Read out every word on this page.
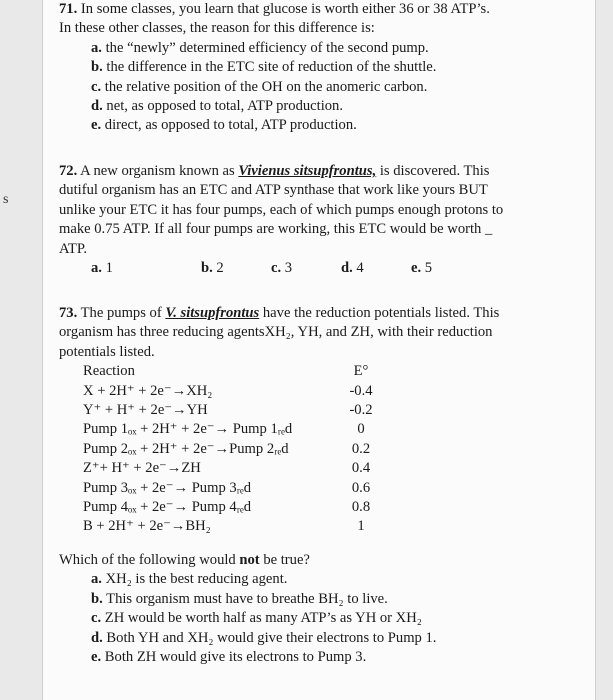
s
71. In some classes, you learn that glucose is worth either 36 or 38 ATP’s.
In these other classes, the reason for this difference is:
a. the “newly” determined efficiency of the second pump.
b. the difference in the ETC site of reduction of the shuttle.
c. the relative position of the OH on the anomeric carbon.
d. net, as opposed to total, ATP production.
e. direct, as opposed to total, ATP production.
72. A new organism known as Vivienus sitsupfrontus, is discovered. This
dutiful organism has an ETC and ATP synthase that work like yours BUT
unlike your ETC it has four pumps, each of which pumps enough protons to
make 0.75 ATP. If all four pumps are working, this ETC would be worth _
ATP.
a. 1	b. 2	c. 3	d. 4	e. 5
73. The pumps of V. sitsupfrontus have the reduction potentials listed. This
organism has three reducing agentsXH₂, YH, and ZH, with their reduction
potentials listed.
Reaction	E°
X + 2H⁺ + 2e⁻→XH₂	-0.4
Y⁺ + H⁺ + 2e⁻→YH	-0.2
Pump 1ₒₓ + 2H⁺ + 2e⁻→ Pump 1ᵣₑd	0
Pump 2ₒₓ + 2H⁺ + 2e⁻→Pump 2ᵣₑd	0.2
Z⁺+ H⁺ + 2e⁻→ZH	0.4
Pump 3ₒₓ + 2e⁻→ Pump 3ᵣₑd	0.6
Pump 4ₒₓ + 2e⁻→ Pump 4ᵣₑd	0.8
B + 2H⁺ + 2e⁻→BH₂	1
Which of the following would not be true?
a. XH₂ is the best reducing agent.
b. This organism must have to breathe BH₂ to live.
c. ZH would be worth half as many ATP’s as YH or XH₂
d. Both YH and XH₂ would give their electrons to Pump 1.
e. Both ZH would give its electrons to Pump 3.
